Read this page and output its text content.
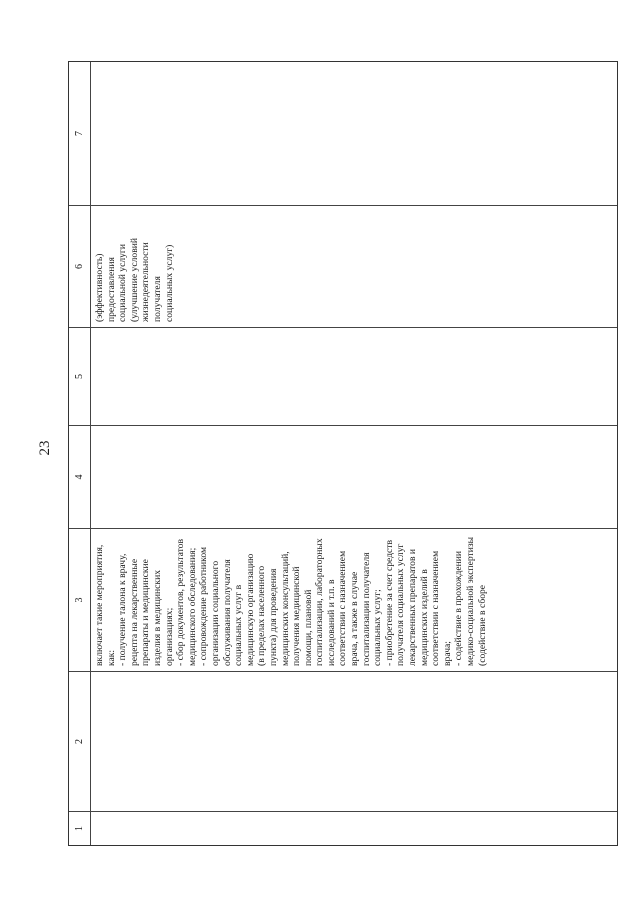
23
1
2
3
включает такие мероприятия,
как:
- получение талона к врачу,
рецепта на лекарственные
препараты и медицинские
изделия в медицинских
организациях;
- сбор документов, результатов
медицинского обследования;
- сопровождение работником
организации социального
обслуживания получателя
социальных услуг в
медицинскую организацию
(в пределах населенного
пункта) для проведения
медицинских консультаций,
получения медицинской
помощи, плановой
госпитализации, лабораторных
исследований и т.п. в
соответствии с назначением
врача, а также в случае
госпитализации получателя
социальных услуг;
- приобретение за счет средств
получателя социальных услуг
лекарственных препаратов и
медицинских изделий в
соответствии с назначением
врача;
- содействие в прохождении
медико-социальной экспертизы
(содействие в сборе
4
5
6 (эффективность)
предоставления
социальной услуги
(улучшение условий
жизнедеятельности
получателя
социальных услуг)
7
